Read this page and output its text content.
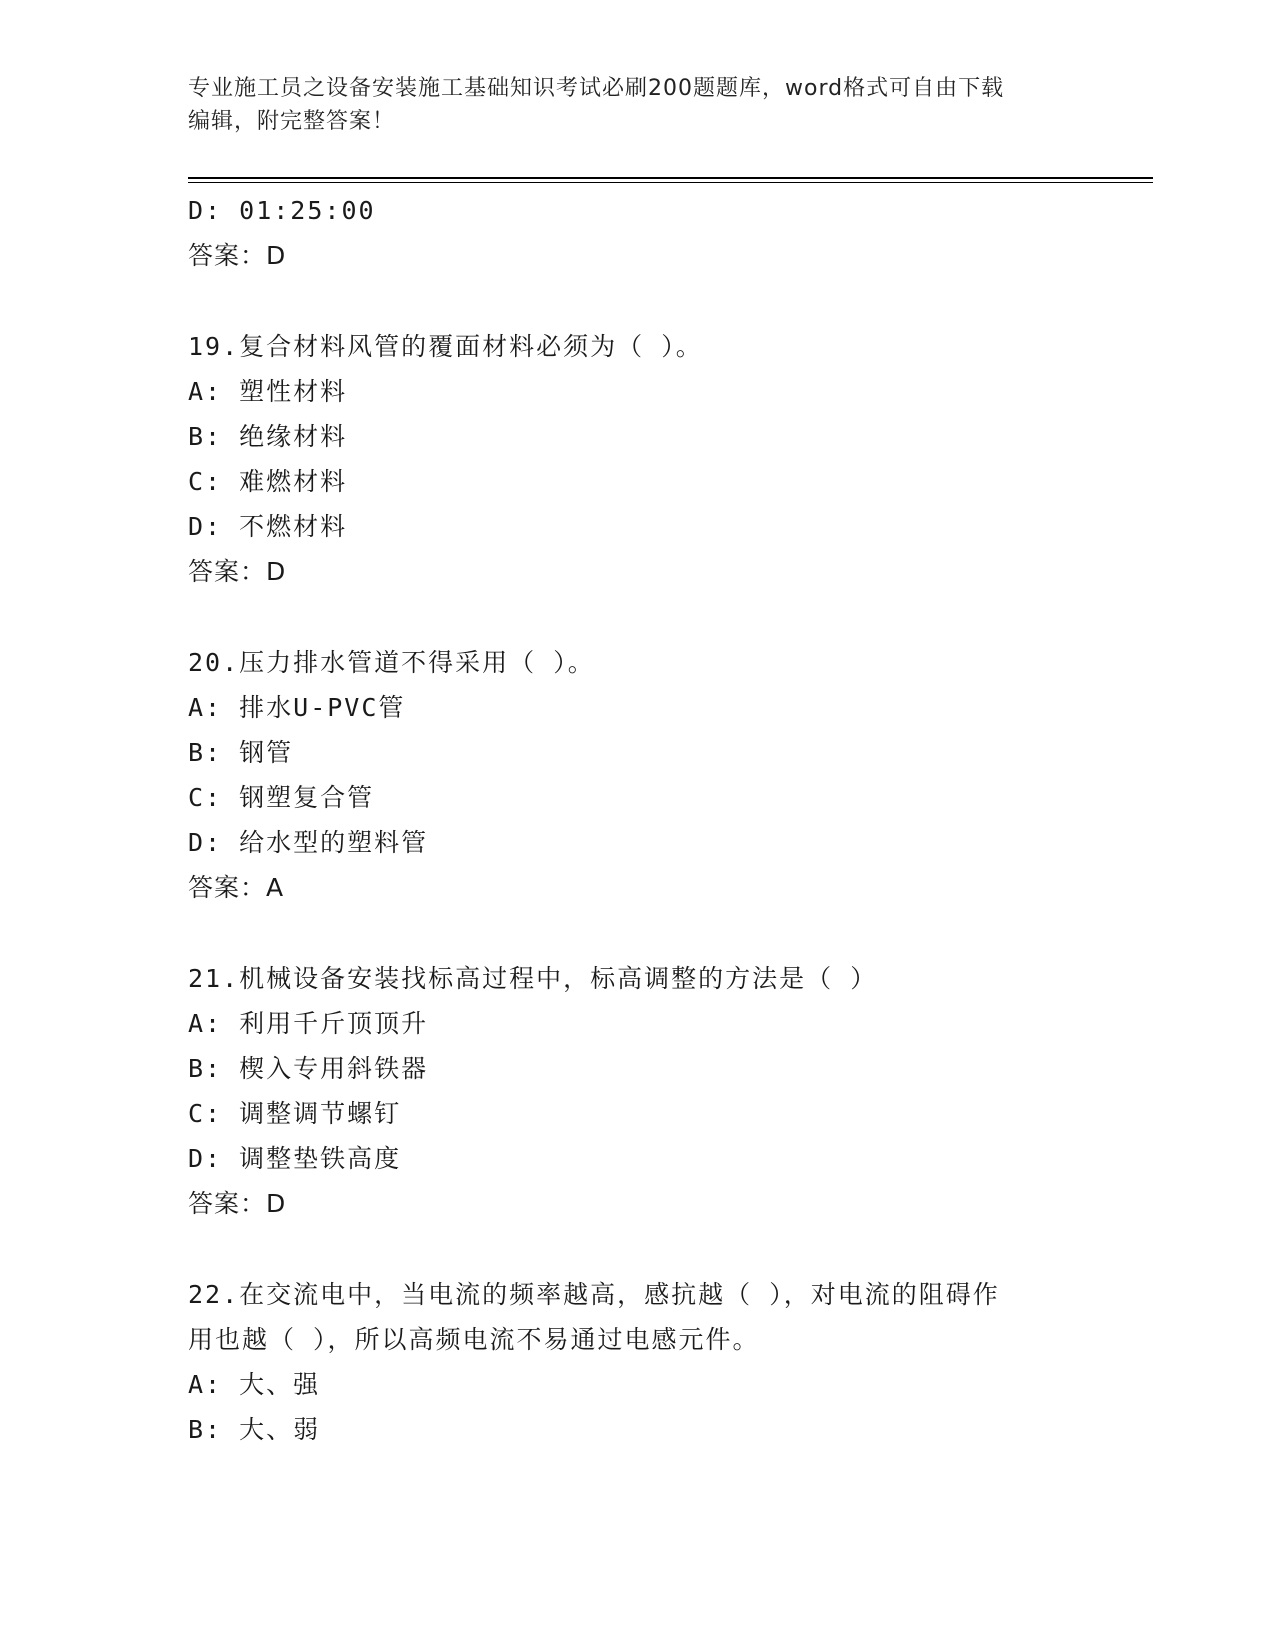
专业施工员之设备安装施工基础知识考试必刷200题题库，word格式可自由下载
编辑，附完整答案！
D: 01:25:00
答案：D
19.复合材料风管的覆面材料必须为（ ）。
A: 塑性材料
B: 绝缘材料
C: 难燃材料
D: 不燃材料
答案：D
20.压力排水管道不得采用（ ）。
A: 排水U-PVC管
B: 钢管
C: 钢塑复合管
D: 给水型的塑料管
答案：A
21.机械设备安装找标高过程中，标高调整的方法是（ ）
A: 利用千斤顶顶升
B: 楔入专用斜铁器
C: 调整调节螺钉
D: 调整垫铁高度
答案：D
22.在交流电中，当电流的频率越高，感抗越（ ），对电流的阻碍作
用也越（ ），所以高频电流不易通过电感元件。
A: 大、强
B: 大、弱
